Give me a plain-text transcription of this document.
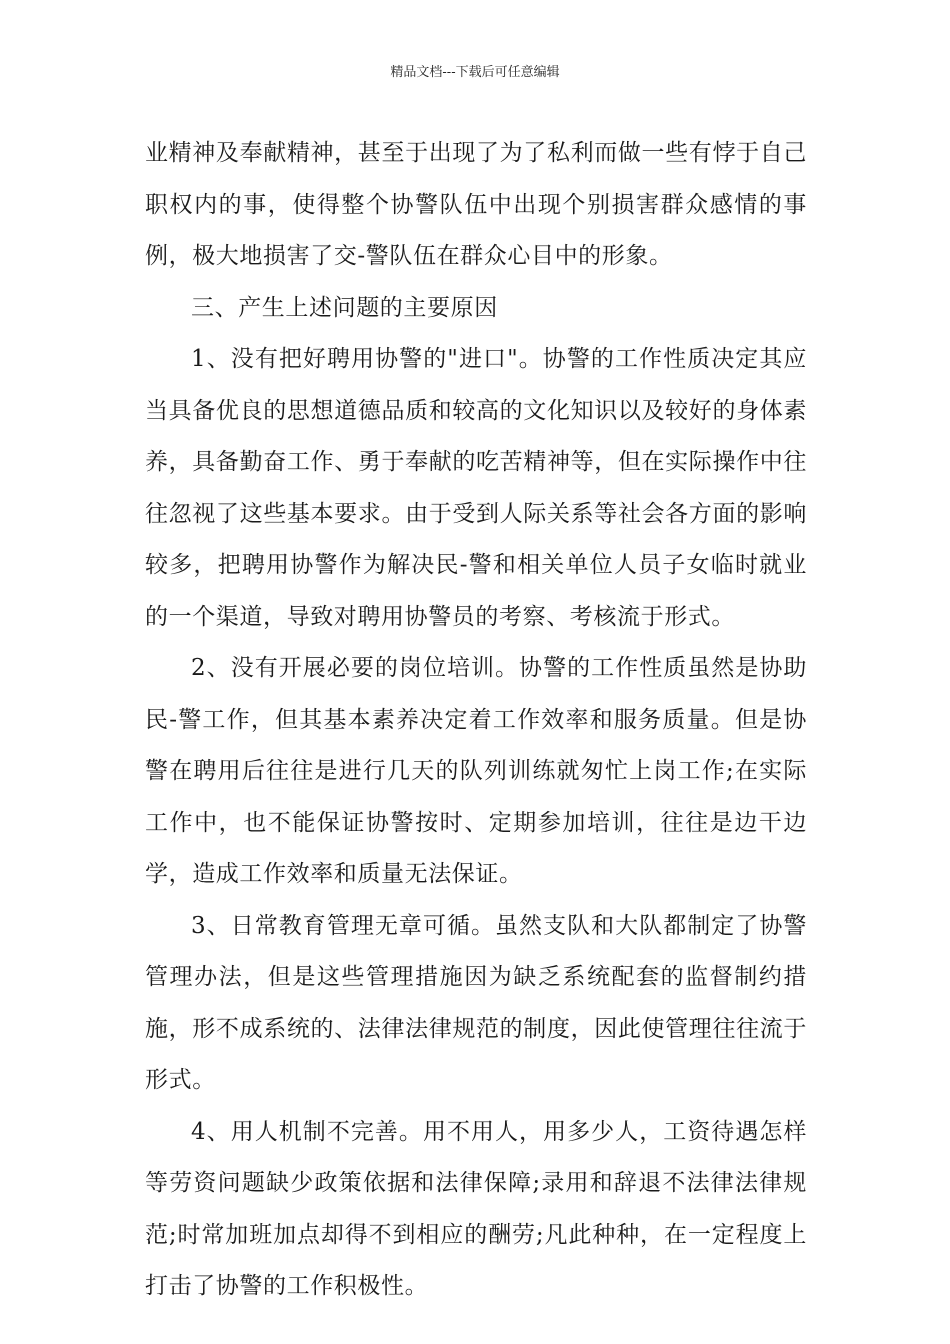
精品文档---下载后可任意编辑

业精神及奉献精神，甚至于出现了为了私利而做一些有悖于自己职权内的事，使得整个协警队伍中出现个别损害群众感情的事例，极大地损害了交-警队伍在群众心目中的形象。

三、产生上述问题的主要原因

1、没有把好聘用协警的"进口"。协警的工作性质决定其应当具备优良的思想道德品质和较高的文化知识以及较好的身体素养，具备勤奋工作、勇于奉献的吃苦精神等，但在实际操作中往往忽视了这些基本要求。由于受到人际关系等社会各方面的影响较多，把聘用协警作为解决民-警和相关单位人员子女临时就业的一个渠道，导致对聘用协警员的考察、考核流于形式。

2、没有开展必要的岗位培训。协警的工作性质虽然是协助民-警工作，但其基本素养决定着工作效率和服务质量。但是协警在聘用后往往是进行几天的队列训练就匆忙上岗工作;在实际工作中，也不能保证协警按时、定期参加培训，往往是边干边学，造成工作效率和质量无法保证。

3、日常教育管理无章可循。虽然支队和大队都制定了协警管理办法，但是这些管理措施因为缺乏系统配套的监督制约措施，形不成系统的、法律法律规范的制度，因此使管理往往流于形式。

4、用人机制不完善。用不用人，用多少人，工资待遇怎样等劳资问题缺少政策依据和法律保障;录用和辞退不法律法律规范;时常加班加点却得不到相应的酬劳;凡此种种，在一定程度上打击了协警的工作积极性。
